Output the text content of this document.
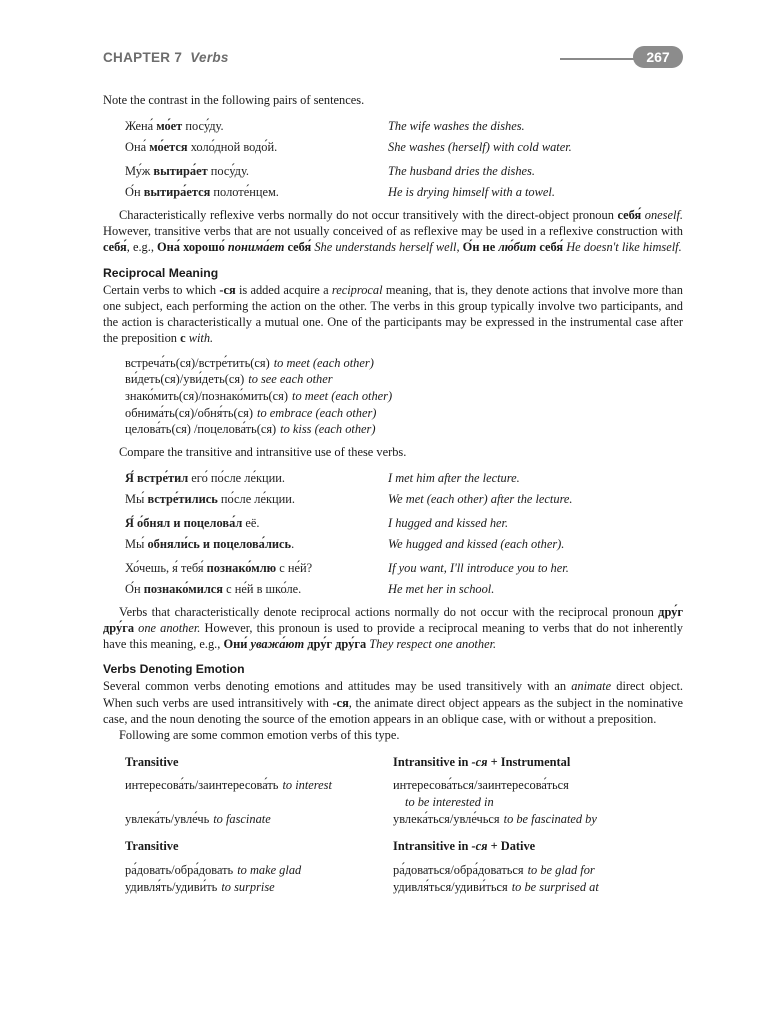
CHAPTER 7 Verbs	267

Note the contrast in the following pairs of sentences.

Жена́ мо́ет посу́ду.	The wife washes the dishes.
Она́ мо́ется холо́дной водо́й.	She washes (herself) with cold water.
Му́ж вытира́ет посу́ду.	The husband dries the dishes.
О́н вытира́ется полоте́нцем.	He is drying himself with a towel.

Characteristically reflexive verbs normally do not occur transitively with the direct-object pronoun себя́ oneself. However, transitive verbs that are not usually conceived of as reflexive may be used in a reflexive construction with себя́, e.g., Она́ хорошо́ понима́ет себя́ She understands herself well, О́н не лю́бит себя́ He doesn't like himself.

Reciprocal Meaning

Certain verbs to which -ся is added acquire a reciprocal meaning, that is, they denote actions that involve more than one subject, each performing the action on the other. The verbs in this group typically involve two participants, and the action is characteristically a mutual one. One of the participants may be expressed in the instrumental case after the preposition с with.

встреча́ть(ся)/встре́тить(ся) to meet (each other)
ви́деть(ся)/уви́деть(ся) to see each other
знако́мить(ся)/познако́мить(ся) to meet (each other)
обнима́ть(ся)/обня́ть(ся) to embrace (each other)
целова́ть(ся) /поцелова́ть(ся) to kiss (each other)

Compare the transitive and intransitive use of these verbs.

Я́ встре́тил его́ по́сле ле́кции.	I met him after the lecture.
Мы́ встре́тились по́сле ле́кции.	We met (each other) after the lecture.
Я́ о́бнял и поцелова́л её.	I hugged and kissed her.
Мы́ обняли́сь и поцелова́лись.	We hugged and kissed (each other).
Хо́чешь, я́ тебя́ познако́млю с не́й?	If you want, I'll introduce you to her.
О́н познако́мился с не́й в шко́ле.	He met her in school.

Verbs that characteristically denote reciprocal actions normally do not occur with the reciprocal pronoun дру́г дру́га one another. However, this pronoun is used to provide a reciprocal meaning to verbs that do not inherently have this meaning, e.g., Они́ уважа́ют дру́г дру́га They respect one another.

Verbs Denoting Emotion

Several common verbs denoting emotions and attitudes may be used transitively with an animate direct object. When such verbs are used intransitively with -ся, the animate direct object appears as the subject in the nominative case, and the noun denoting the source of the emotion appears in an oblique case, with or without a preposition.

Following are some common emotion verbs of this type.

Transitive	Intransitive in -ся + Instrumental
интересова́ть/заинтересова́ть to interest	интересова́ться/заинтересова́ться
to be interested in
увлека́ть/увле́чь to fascinate	увлека́ться/увле́чься to be fascinated by
Transitive	Intransitive in -ся + Dative
ра́довать/обра́довать to make glad	ра́доваться/обра́доваться to be glad for
удивля́ть/удиви́ть to surprise	удивля́ться/удиви́ться to be surprised at
